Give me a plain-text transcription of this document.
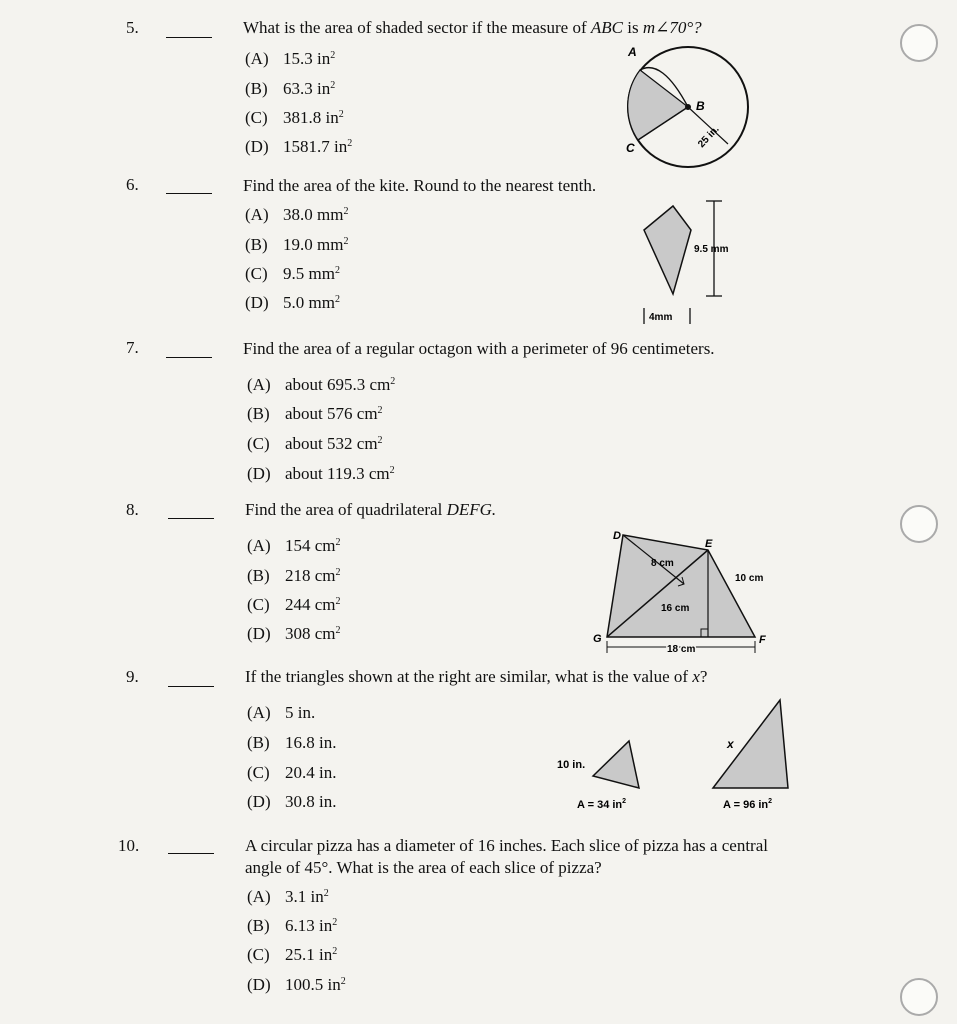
5.	What is the area of shaded sector if the measure of ABC is m∠70°?
(A) 15.3 $in^2$
(B) 63.3 $in^2$
(C) 381.8 $in^2$
(D) 1581.7 $in^2$
A
B
C	25 in.
6.	Find the area of the kite. Round to the nearest tenth.
(A) 38.0 $mm^2$
(B) 19.0 $mm^2$
(C) 9.5 $mm^2$
(D) 5.0 $mm^2$
9.5 mm
4mm
7.	Find the area of a regular octagon with a perimeter of 96 centimeters.
(A) about 695.3 $cm^2$
(B) about 576 $cm^2$
(C) about 532 $cm^2$
(D) about 119.3 $cm^2$
8.	Find the area of quadrilateral DEFG.
(A) 154 $cm^2$
(B) 218 $cm^2$
(C) 244 $cm^2$
(D) 308 $cm^2$
D
E
F
G
8 cm
10 cm
16 cm
18 cm
9.	If the triangles shown at the right are similar, what is the value of x?
(A) 5 in.
(B) 16.8 in.
(C) 20.4 in.
(D) 30.8 in.
10 in.
A = 34 $in^2$
x
A = 96 $in^2$
10.	A circular pizza has a diameter of 16 inches. Each slice of pizza has a central
angle of 45°. What is the area of each slice of pizza?
(A) 3.1 $in^2$
(B) 6.13 $in^2$
(C) 25.1 $in^2$
(D) 100.5 $in^2$
